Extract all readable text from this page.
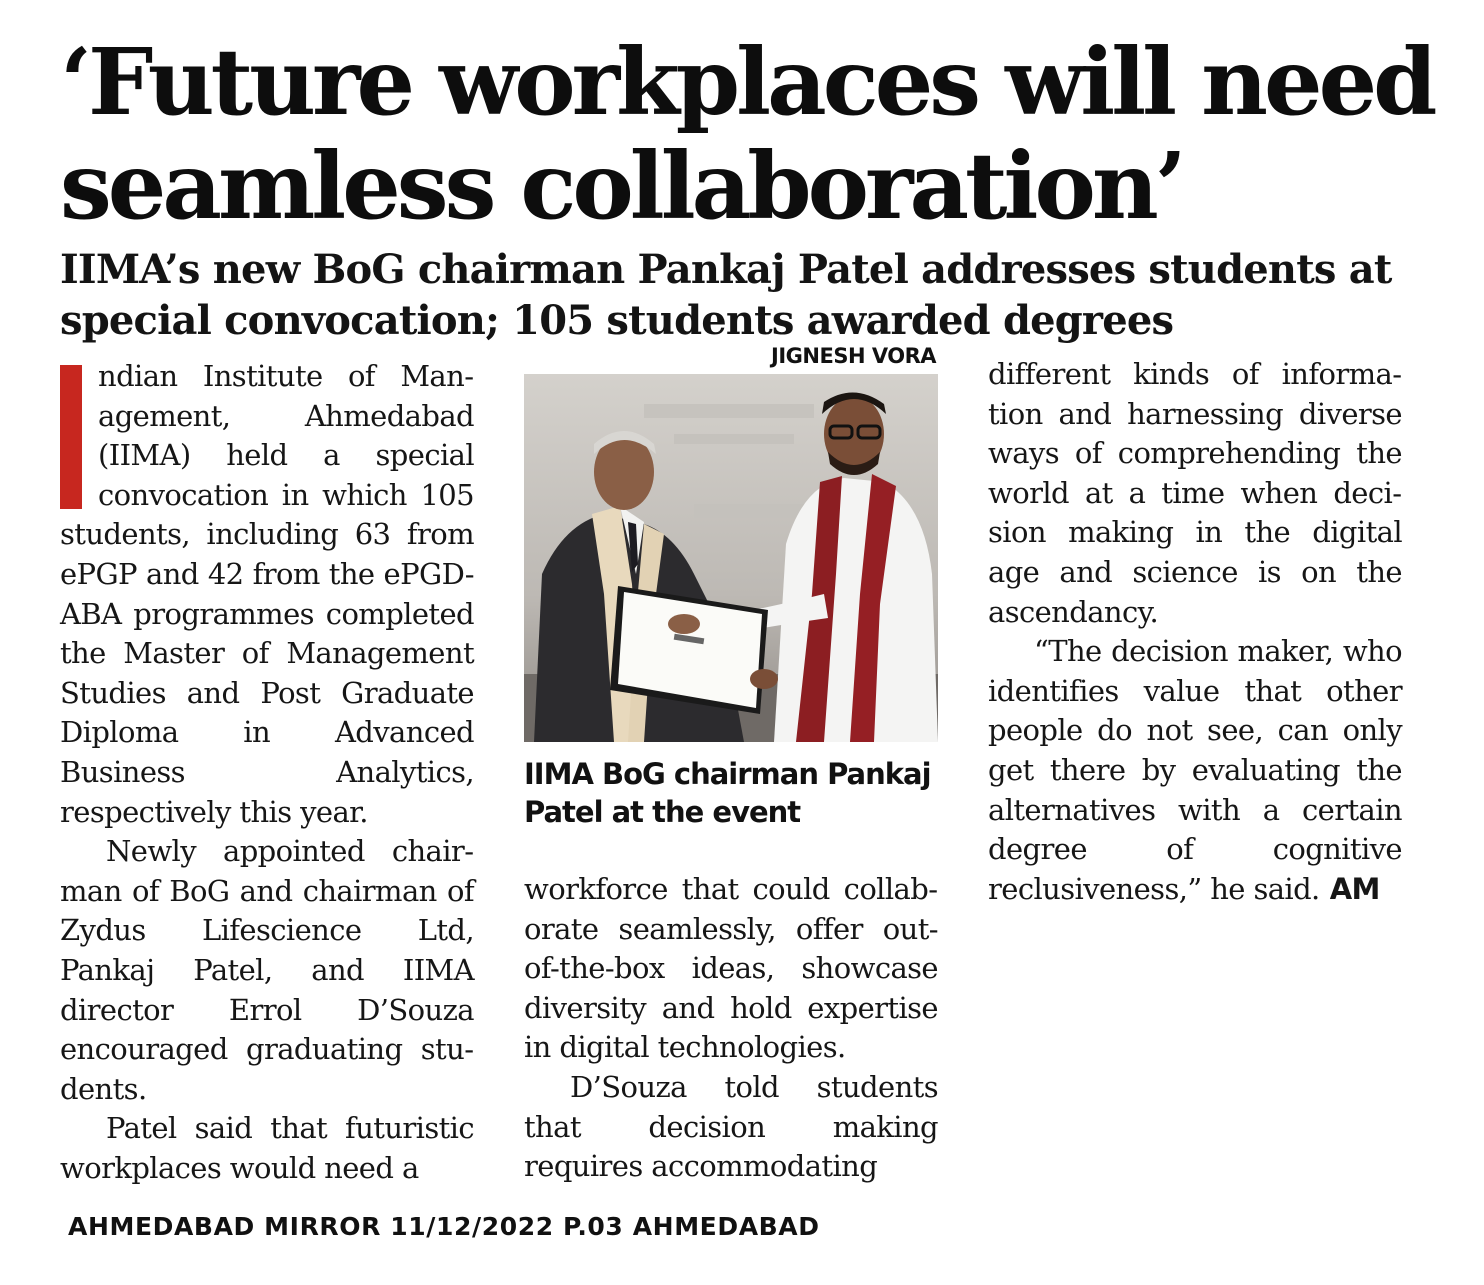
‘Future workplaces will need seamless collaboration’
IIMA’s new BoG chairman Pankaj Patel addresses students at special convocation; 105 students awarded degrees

ndian Institute of Management, Ahmedabad (IIMA) held a special convocation in which 105 students, including 63 from ePGP and 42 from the ePGD-ABA programmes completed the Master of Management Studies and Post Graduate Diploma in Advanced Business Analytics, respectively this year.

Newly appointed chairman of BoG and chairman of Zydus Lifescience Ltd, Pankaj Patel, and IIMA director Errol D’Souza encouraged graduating students.

Patel said that futuristic workplaces would need a

JIGNESH VORA

IIMA BoG chairman Pankaj Patel at the event

workforce that could collaborate seamlessly, offer out-of-the-box ideas, showcase diversity and hold expertise in digital technologies.

D’Souza told students that decision making requires accommodating

different kinds of information and harnessing diverse ways of comprehending the world at a time when decision making in the digital age and science is on the ascendancy.

“The decision maker, who identifies value that other people do not see, can only get there by evaluating the alternatives with a certain degree of cognitive reclusiveness,” he said. AM

AHMEDABAD MIRROR 11/12/2022 P.03 AHMEDABAD
